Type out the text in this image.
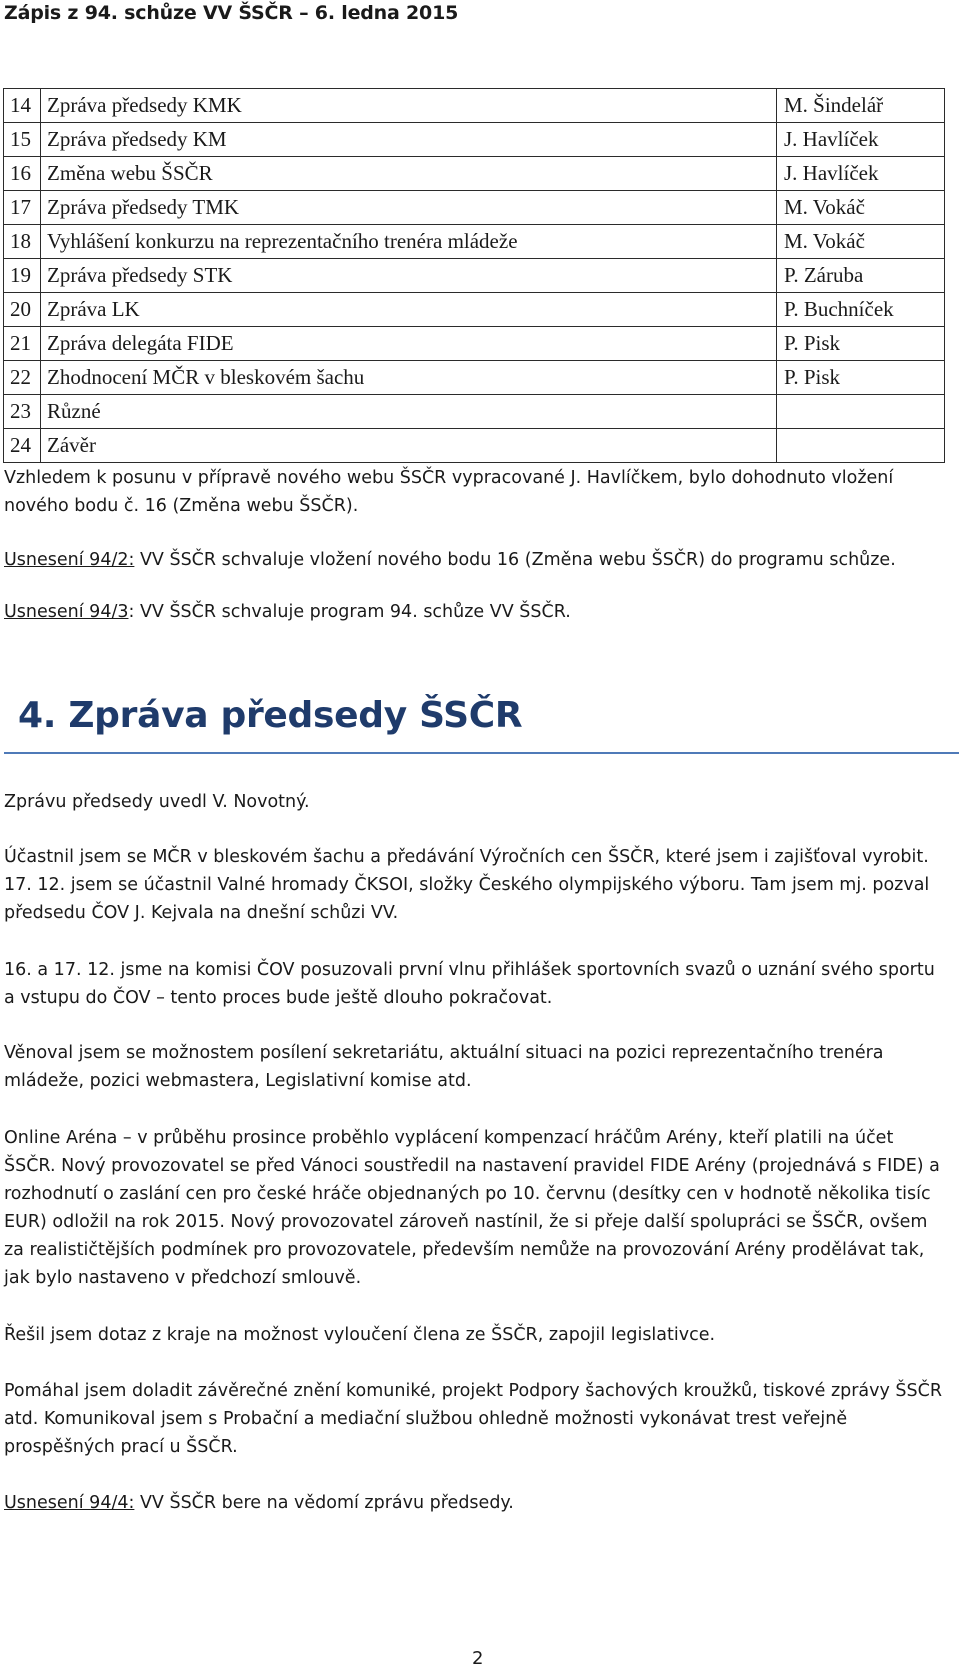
Zápis z 94. schůze VV ŠSČR – 6. ledna 2015
14	Zpráva předsedy KMK	M. Šindelář
15	Zpráva předsedy KM	J. Havlíček
16	Změna webu ŠSČR	J. Havlíček
17	Zpráva předsedy TMK	M. Vokáč
18	Vyhlášení konkurzu na reprezentačního trenéra mládeže	M. Vokáč
19	Zpráva předsedy STK	P. Záruba
20	Zpráva LK	P. Buchníček
21	Zpráva delegáta FIDE	P. Pisk
22	Zhodnocení MČR v bleskovém šachu	P. Pisk
23	Různé	
24	Závěr	

Vzhledem k posunu v přípravě nového webu ŠSČR vypracované J. Havlíčkem, bylo dohodnuto vložení nového bodu č. 16 (Změna webu ŠSČR).

Usnesení 94/2: VV ŠSČR schvaluje vložení nového bodu 16 (Změna webu ŠSČR) do programu schůze.

Usnesení 94/3: VV ŠSČR schvaluje program 94. schůze VV ŠSČR.

4. Zpráva předsedy ŠSČR

Zprávu předsedy uvedl V. Novotný.

Účastnil jsem se MČR v bleskovém šachu a předávání Výročních cen ŠSČR, které jsem i zajišťoval vyrobit. 17. 12. jsem se účastnil Valné hromady ČKSOI, složky Českého olympijského výboru. Tam jsem mj. pozval předsedu ČOV J. Kejvala na dnešní schůzi VV.

16. a 17. 12. jsme na komisi ČOV posuzovali první vlnu přihlášek sportovních svazů o uznání svého sportu a vstupu do ČOV – tento proces bude ještě dlouho pokračovat.

Věnoval jsem se možnostem posílení sekretariátu, aktuální situaci na pozici reprezentačního trenéra mládeže, pozici webmastera, Legislativní komise atd.

Online Aréna – v průběhu prosince proběhlo vyplácení kompenzací hráčům Arény, kteří platili na účet ŠSČR. Nový provozovatel se před Vánoci soustředil na nastavení pravidel FIDE Arény (projednává s FIDE) a rozhodnutí o zaslání cen pro české hráče objednaných po 10. červnu (desítky cen v hodnotě několika tisíc EUR) odložil na rok 2015. Nový provozovatel zároveň nastínil, že si přeje další spolupráci se ŠSČR, ovšem za realističtějších podmínek pro provozovatele, především nemůže na provozování Arény prodělávat tak, jak bylo nastaveno v předchozí smlouvě.

Řešil jsem dotaz z kraje na možnost vyloučení člena ze ŠSČR, zapojil legislativce.

Pomáhal jsem doladit závěrečné znění komuniké, projekt Podpory šachových kroužků, tiskové zprávy ŠSČR atd. Komunikoval jsem s Probační a mediační službou ohledně možnosti vykonávat trest veřejně prospěšných prací u ŠSČR.

Usnesení 94/4: VV ŠSČR bere na vědomí zprávu předsedy.

2
